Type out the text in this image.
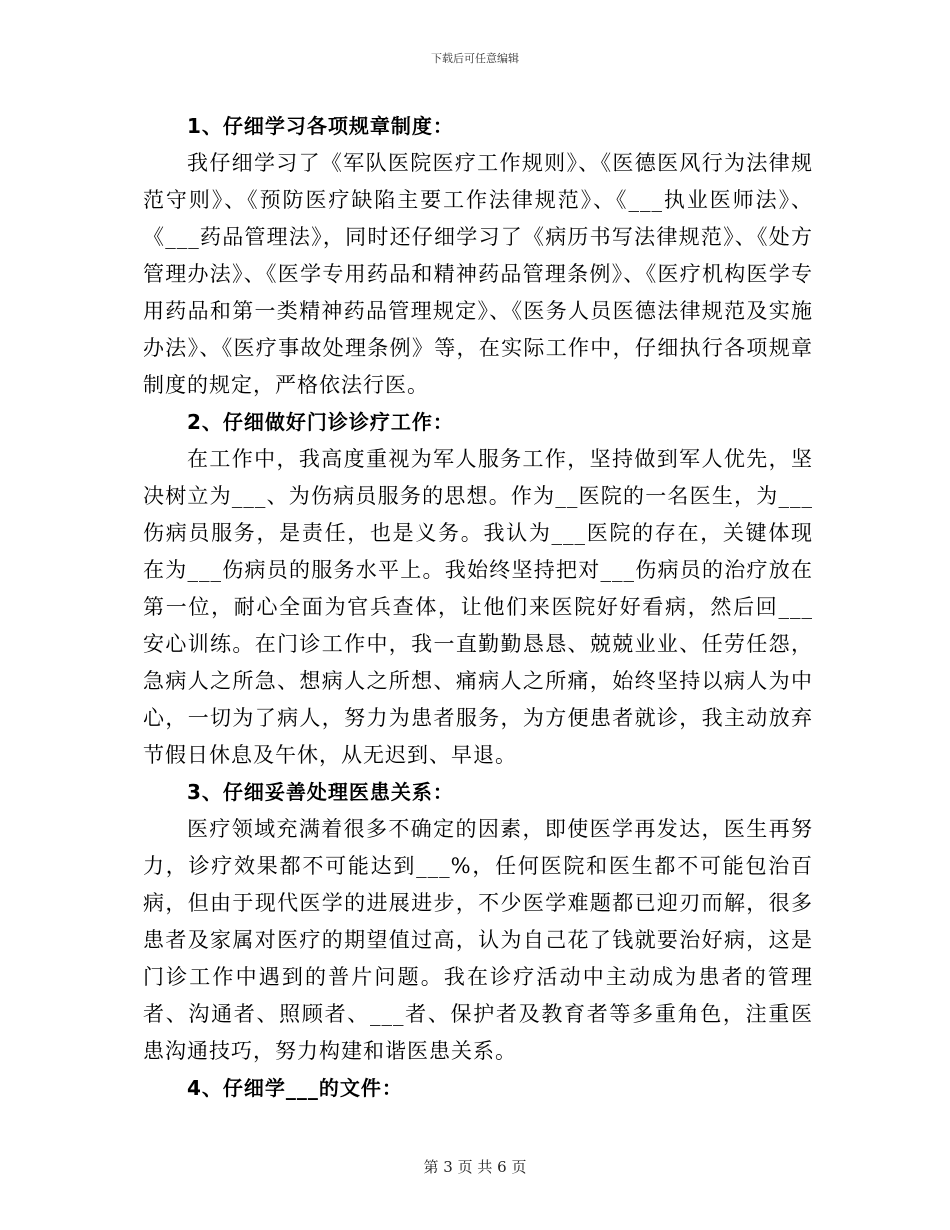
下载后可任意编辑

1、仔细学习各项规章制度：

我仔细学习了《军队医院医疗工作规则》、《医德医风行为法律规范守则》、《预防医疗缺陷主要工作法律规范》、《___执业医师法》、《___药品管理法》，同时还仔细学习了《病历书写法律规范》、《处方管理办法》、《医学专用药品和精神药品管理条例》、《医疗机构医学专用药品和第一类精神药品管理规定》、《医务人员医德法律规范及实施办法》、《医疗事故处理条例》等，在实际工作中，仔细执行各项规章制度的规定，严格依法行医。

2、仔细做好门诊诊疗工作：

在工作中，我高度重视为军人服务工作，坚持做到军人优先，坚决树立为___、为伤病员服务的思想。作为__医院的一名医生，为___伤病员服务，是责任，也是义务。我认为___医院的存在，关键体现在为___伤病员的服务水平上。我始终坚持把对___伤病员的治疗放在第一位，耐心全面为官兵查体，让他们来医院好好看病，然后回___安心训练。在门诊工作中，我一直勤勤恳恳、兢兢业业、任劳任怨，急病人之所急、想病人之所想、痛病人之所痛，始终坚持以病人为中心，一切为了病人，努力为患者服务，为方便患者就诊，我主动放弃节假日休息及午休，从无迟到、早退。

3、仔细妥善处理医患关系：

医疗领域充满着很多不确定的因素，即使医学再发达，医生再努力，诊疗效果都不可能达到___%，任何医院和医生都不可能包治百病，但由于现代医学的进展进步，不少医学难题都已迎刃而解，很多患者及家属对医疗的期望值过高，认为自己花了钱就要治好病，这是门诊工作中遇到的普片问题。我在诊疗活动中主动成为患者的管理者、沟通者、照顾者、___者、保护者及教育者等多重角色，注重医患沟通技巧，努力构建和谐医患关系。

4、仔细学___的文件：

第 3 页 共 6 页
